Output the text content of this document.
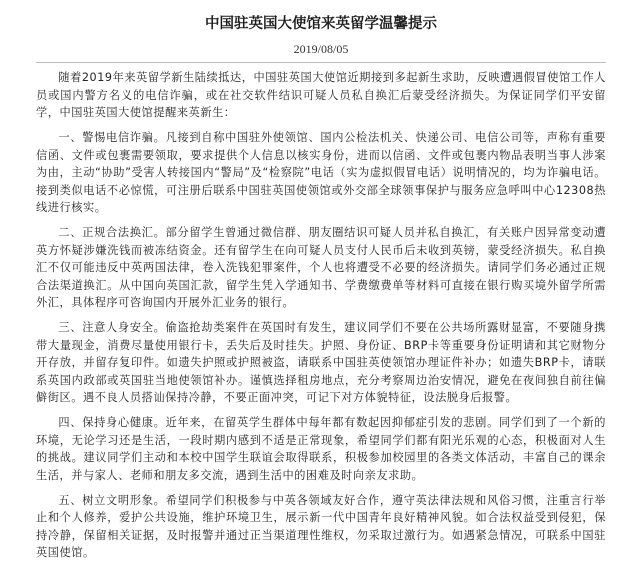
中国驻英国大使馆来英留学温馨提示
2019/08/05

随着2019年来英留学新生陆续抵达，中国驻英国大使馆近期接到多起新生求助，反映遭遇假冒使馆工作人员或国内警方名义的电信诈骗，或在社交软件结识可疑人员私自换汇后蒙受经济损失。为保证同学们平安留学，中国驻英国大使馆提醒来英新生：

一、警惕电信诈骗。凡接到自称中国驻外使领馆、国内公检法机关、快递公司、电信公司等，声称有重要信函、文件或包裹需要领取，要求提供个人信息以核实身份，进而以信函、文件或包裹内物品表明当事人涉案为由，主动“协助”受害人转接国内“警局”及“检察院”电话（实为虚拟假冒电话）说明情况的，均为诈骗电话。接到类似电话不必惊慌，可注册后联系中国驻英国使领馆或外交部全球领事保护与服务应急呼叫中心12308热线进行核实。

二、正规合法换汇。部分留学生曾通过微信群、朋友圈结识可疑人员并私自换汇，有关账户因异常变动遭英方怀疑涉嫌洗钱而被冻结资金。还有留学生在向可疑人员支付人民币后未收到英镑，蒙受经济损失。私自换汇不仅可能违反中英两国法律，卷入洗钱犯罪案件，个人也将遭受不必要的经济损失。请同学们务必通过正规合法渠道换汇。从中国向英国汇款，留学生凭入学通知书、学费缴费单等材料可直接在银行购买境外留学所需外汇，具体程序可咨询国内开展外汇业务的银行。

三、注意人身安全。偷盗抢劫类案件在英国时有发生，建议同学们不要在公共场所露财显富，不要随身携带大量现金，消费尽量使用银行卡，丢失后及时挂失。护照、身份证、BRP卡等重要身份证明请和其它财物分开存放，并留存复印件。如遗失护照或护照被盗，请联系中国驻英使领馆办理证件补办；如遗失BRP卡，请联系英国内政部或英国驻当地使领馆补办。谨慎选择租房地点，充分考察周边治安情况，避免在夜间独自前往偏僻街区。遇不良人员搭讪保持冷静，不要正面冲突，可记下对方体貌特征，设法脱身后报警。

四、保持身心健康。近年来，在留英学生群体中每年都有数起因抑郁症引发的悲剧。同学们到了一个新的环境，无论学习还是生活，一段时期内感到不适是正常现象，希望同学们都有阳光乐观的心态，积极面对人生的挑战。建议同学们主动和本校中国学生联谊会取得联系，积极参加校园里的各类文体活动，丰富自己的课余生活，并与家人、老师和朋友多交流，遇到生活中的困难及时向亲友求助。

五、树立文明形象。希望同学们积极参与中英各领域友好合作，遵守英法律法规和风俗习惯，注重言行举止和个人修养，爱护公共设施，维护环境卫生，展示新一代中国青年良好精神风貌。如合法权益受到侵犯，保持冷静，保留相关证据，及时报警并通过正当渠道理性维权，勿采取过激行为。如遇紧急情况，可联系中国驻英国使馆。
